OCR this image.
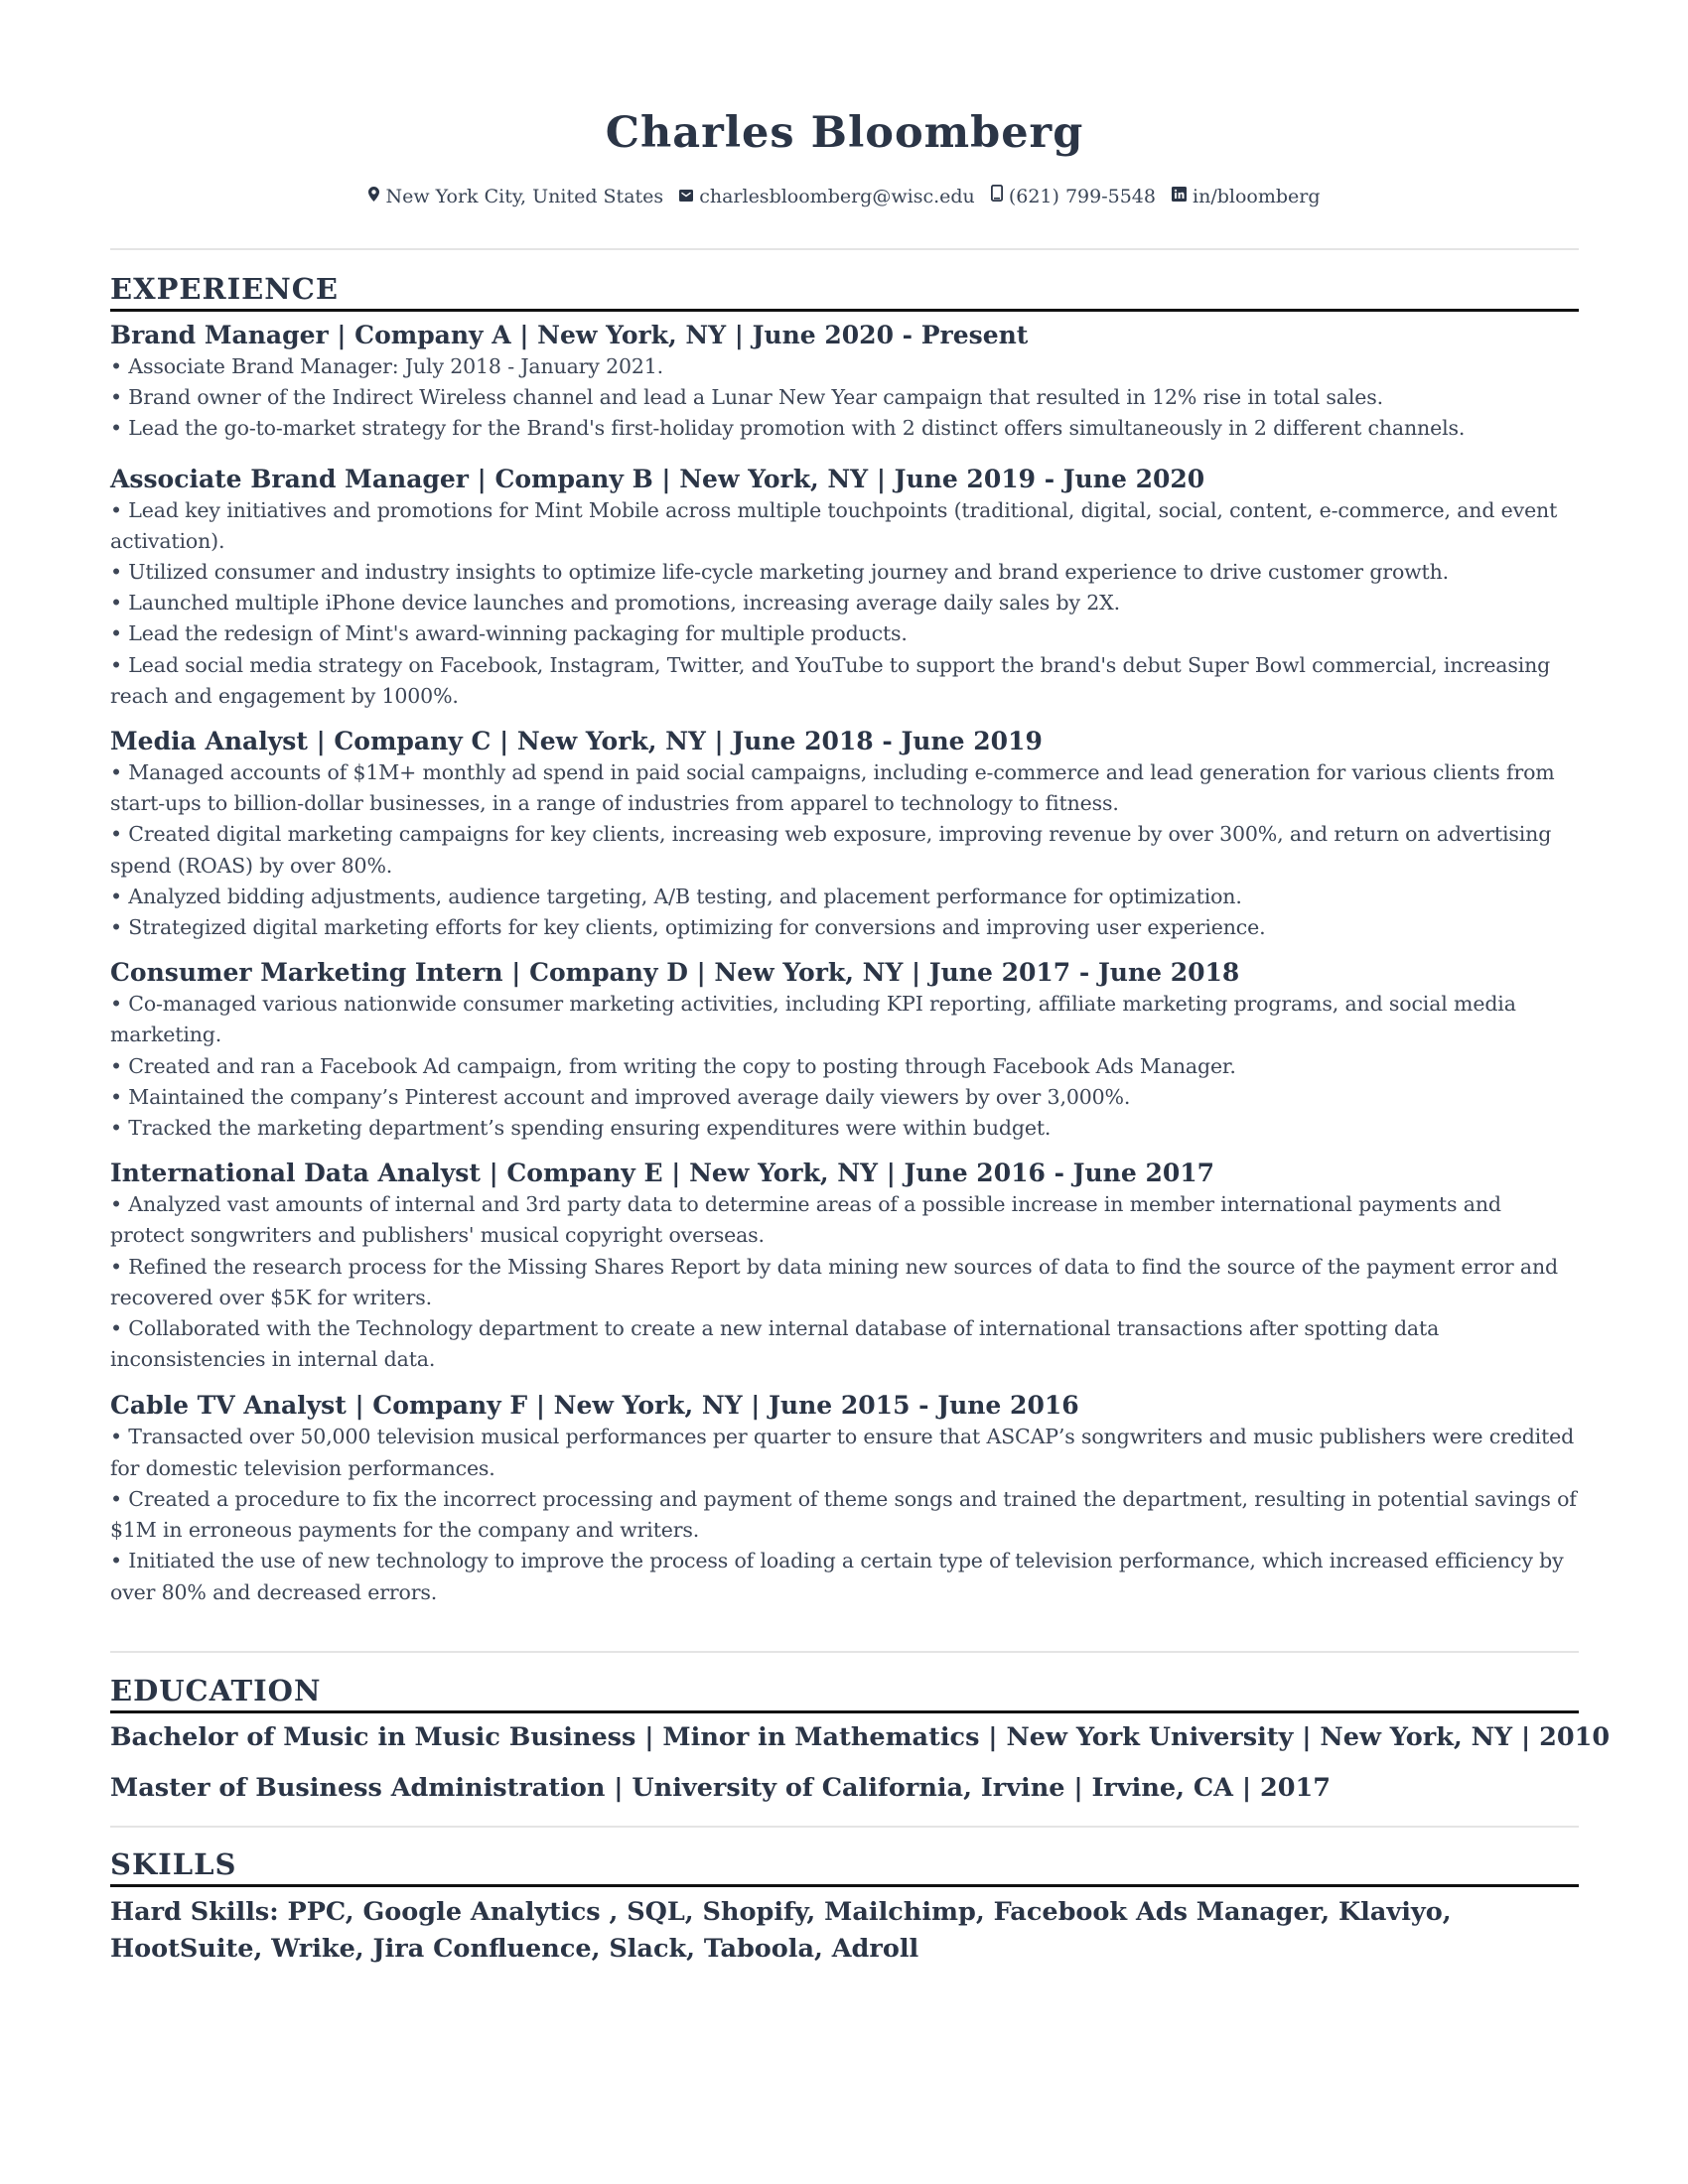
Charles Bloomberg
New York City, United States charlesbloomberg@wisc.edu (621) 799-5548 in/bloomberg
EXPERIENCE
Brand Manager | Company A | New York, NY | June 2020 - Present
• Associate Brand Manager: July 2018 - January 2021.
• Brand owner of the Indirect Wireless channel and lead a Lunar New Year campaign that resulted in 12% rise in total sales.
• Lead the go-to-market strategy for the Brand's first-holiday promotion with 2 distinct offers simultaneously in 2 different channels.
Associate Brand Manager | Company B | New York, NY | June 2019 - June 2020
• Lead key initiatives and promotions for Mint Mobile across multiple touchpoints (traditional, digital, social, content, e-commerce, and event activation).
• Utilized consumer and industry insights to optimize life-cycle marketing journey and brand experience to drive customer growth.
• Launched multiple iPhone device launches and promotions, increasing average daily sales by 2X.
• Lead the redesign of Mint's award-winning packaging for multiple products.
• Lead social media strategy on Facebook, Instagram, Twitter, and YouTube to support the brand's debut Super Bowl commercial, increasing reach and engagement by 1000%.
Media Analyst | Company C | New York, NY | June 2018 - June 2019
• Managed accounts of $1M+ monthly ad spend in paid social campaigns, including e-commerce and lead generation for various clients from start-ups to billion-dollar businesses, in a range of industries from apparel to technology to fitness.
• Created digital marketing campaigns for key clients, increasing web exposure, improving revenue by over 300%, and return on advertising spend (ROAS) by over 80%.
• Analyzed bidding adjustments, audience targeting, A/B testing, and placement performance for optimization.
• Strategized digital marketing efforts for key clients, optimizing for conversions and improving user experience.
Consumer Marketing Intern | Company D | New York, NY | June 2017 - June 2018
• Co-managed various nationwide consumer marketing activities, including KPI reporting, affiliate marketing programs, and social media marketing.
• Created and ran a Facebook Ad campaign, from writing the copy to posting through Facebook Ads Manager.
• Maintained the company’s Pinterest account and improved average daily viewers by over 3,000%.
• Tracked the marketing department’s spending ensuring expenditures were within budget.
International Data Analyst | Company E | New York, NY | June 2016 - June 2017
• Analyzed vast amounts of internal and 3rd party data to determine areas of a possible increase in member international payments and protect songwriters and publishers' musical copyright overseas.
• Refined the research process for the Missing Shares Report by data mining new sources of data to find the source of the payment error and recovered over $5K for writers.
• Collaborated with the Technology department to create a new internal database of international transactions after spotting data inconsistencies in internal data.
Cable TV Analyst | Company F | New York, NY | June 2015 - June 2016
• Transacted over 50,000 television musical performances per quarter to ensure that ASCAP’s songwriters and music publishers were credited for domestic television performances.
• Created a procedure to fix the incorrect processing and payment of theme songs and trained the department, resulting in potential savings of $1M in erroneous payments for the company and writers.
• Initiated the use of new technology to improve the process of loading a certain type of television performance, which increased efficiency by over 80% and decreased errors.
EDUCATION
Bachelor of Music in Music Business | Minor in Mathematics | New York University | New York, NY | 2010
Master of Business Administration | University of California, Irvine | Irvine, CA | 2017
SKILLS
Hard Skills: PPC, Google Analytics , SQL, Shopify, Mailchimp, Facebook Ads Manager, Klaviyo, HootSuite, Wrike, Jira Confluence, Slack, Taboola, Adroll
